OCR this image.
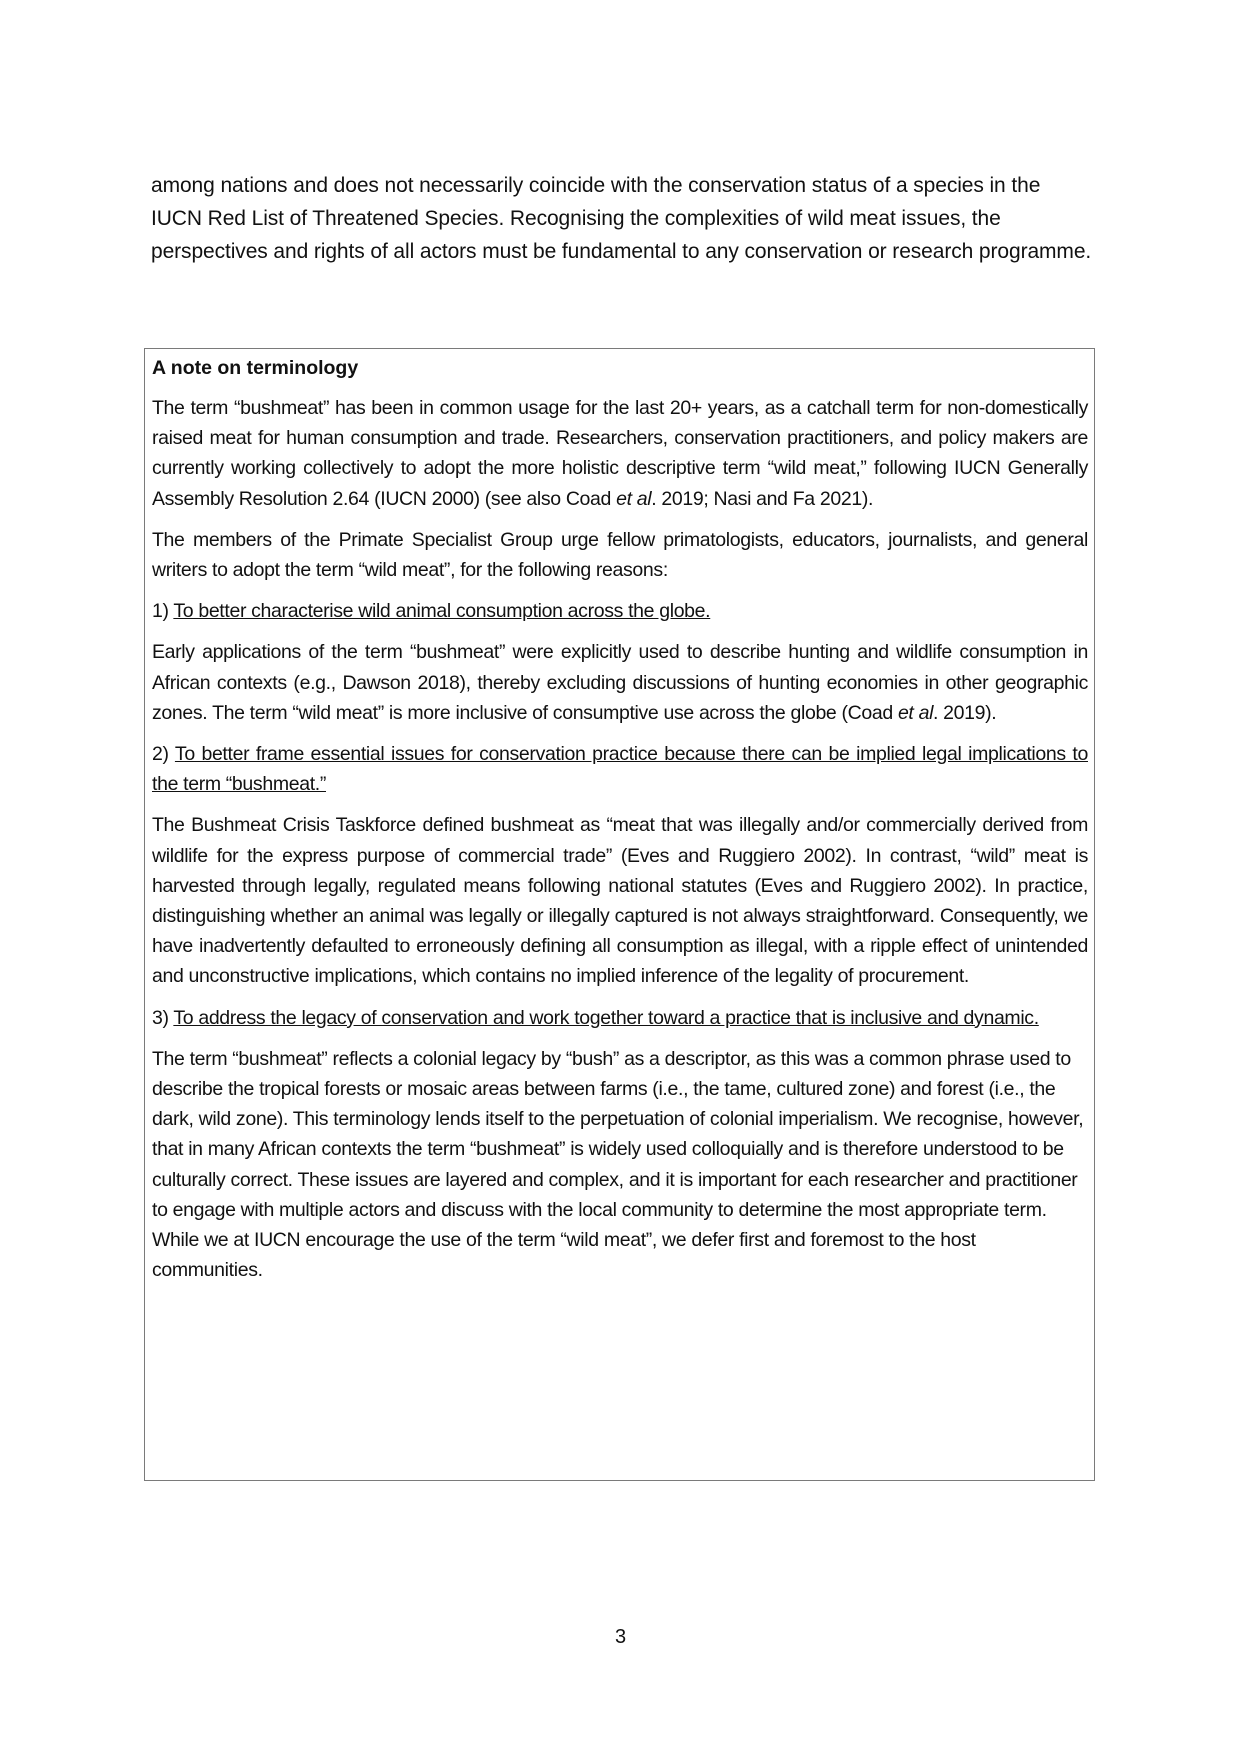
among nations and does not necessarily coincide with the conservation status of a species in the IUCN Red List of Threatened Species. Recognising the complexities of wild meat issues, the perspectives and rights of all actors must be fundamental to any conservation or research programme.

A note on terminology

The term “bushmeat” has been in common usage for the last 20+ years, as a catchall term for non-domestically raised meat for human consumption and trade. Researchers, conservation practitioners, and policy makers are currently working collectively to adopt the more holistic descriptive term “wild meat,” following IUCN Generally Assembly Resolution 2.64 (IUCN 2000) (see also Coad et al. 2019; Nasi and Fa 2021).

The members of the Primate Specialist Group urge fellow primatologists, educators, journalists, and general writers to adopt the term “wild meat”, for the following reasons:

1) To better characterise wild animal consumption across the globe.

Early applications of the term “bushmeat” were explicitly used to describe hunting and wildlife consumption in African contexts (e.g., Dawson 2018), thereby excluding discussions of hunting economies in other geographic zones. The term “wild meat” is more inclusive of consumptive use across the globe (Coad et al. 2019).

2) To better frame essential issues for conservation practice because there can be implied legal implications to the term “bushmeat.”

The Bushmeat Crisis Taskforce defined bushmeat as “meat that was illegally and/or commercially derived from wildlife for the express purpose of commercial trade” (Eves and Ruggiero 2002). In contrast, “wild” meat is harvested through legally, regulated means following national statutes (Eves and Ruggiero 2002). In practice, distinguishing whether an animal was legally or illegally captured is not always straightforward. Consequently, we have inadvertently defaulted to erroneously defining all consumption as illegal, with a ripple effect of unintended and unconstructive implications, which contains no implied inference of the legality of procurement.

3) To address the legacy of conservation and work together toward a practice that is inclusive and dynamic.

The term “bushmeat” reflects a colonial legacy by “bush” as a descriptor, as this was a common phrase used to describe the tropical forests or mosaic areas between farms (i.e., the tame, cultured zone) and forest (i.e., the dark, wild zone). This terminology lends itself to the perpetuation of colonial imperialism. We recognise, however, that in many African contexts the term “bushmeat” is widely used colloquially and is therefore understood to be culturally correct. These issues are layered and complex, and it is important for each researcher and practitioner to engage with multiple actors and discuss with the local community to determine the most appropriate term. While we at IUCN encourage the use of the term “wild meat”, we defer first and foremost to the host communities.

3
